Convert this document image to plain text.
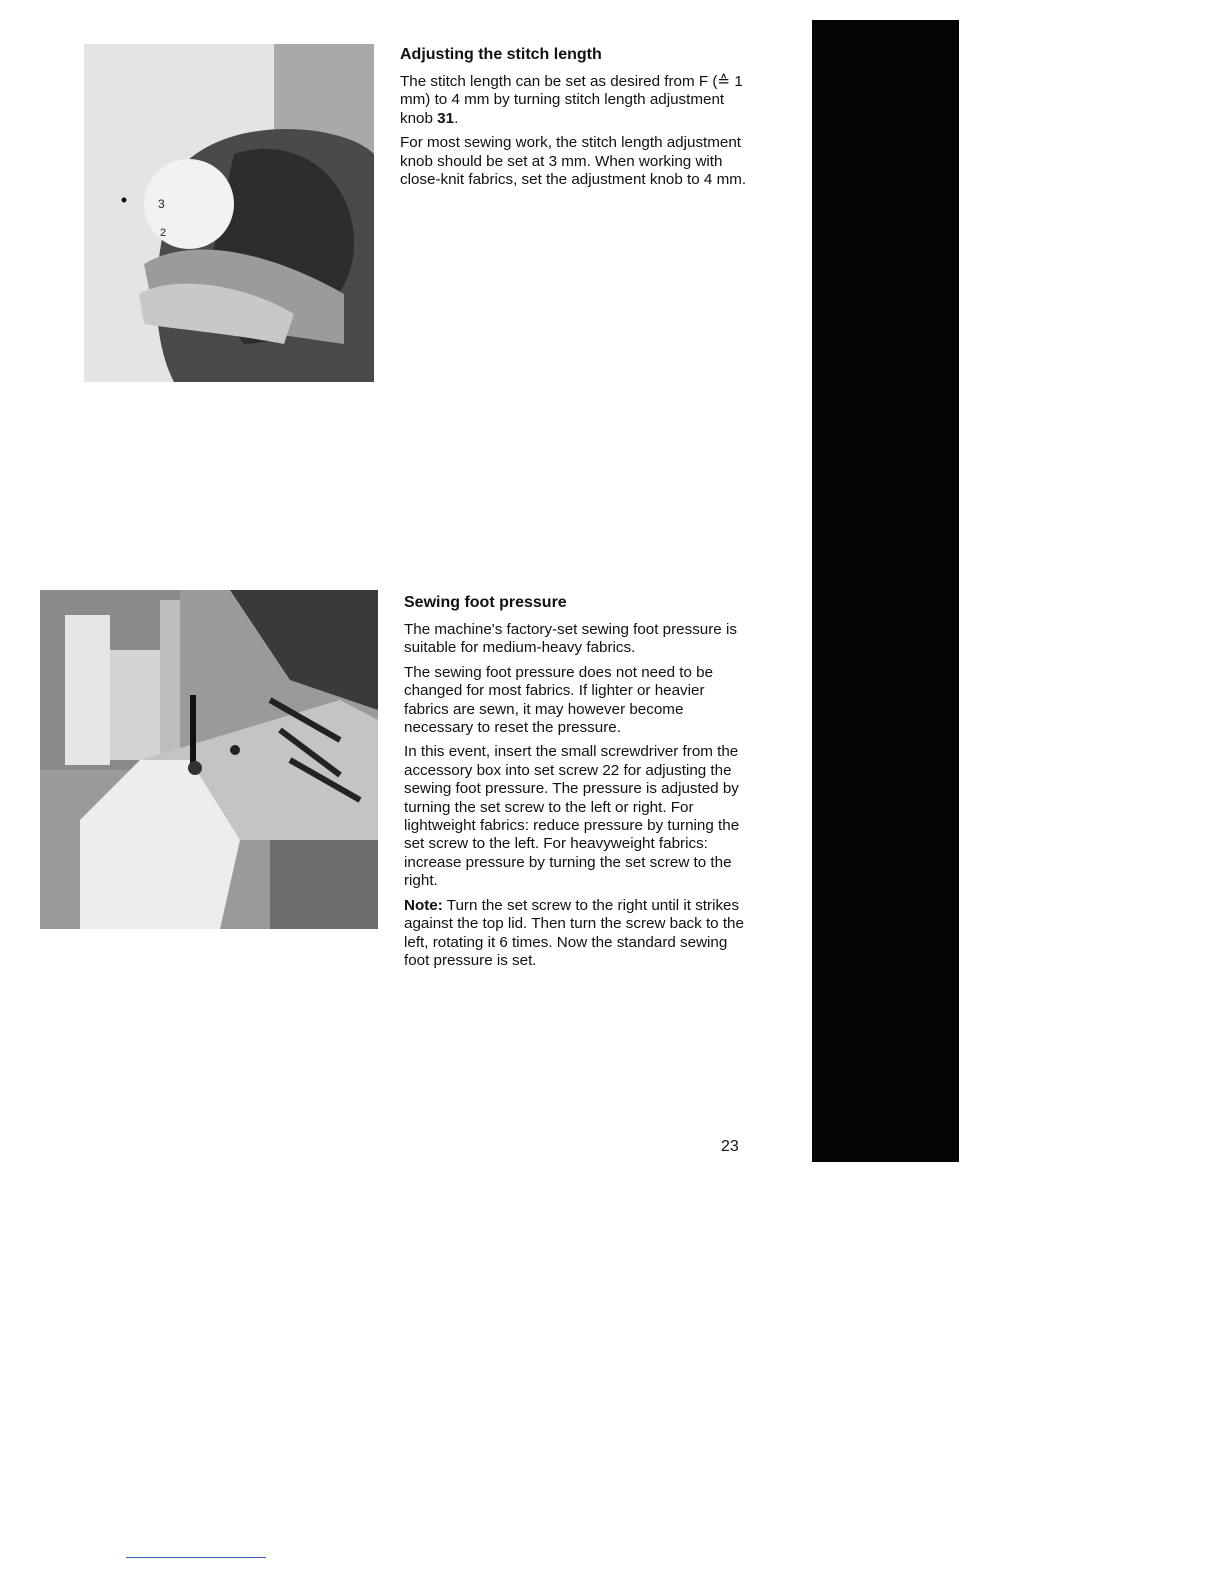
3
2
Adjusting the stitch length

The stitch length can be set as desired from F (≙ 1 mm) to 4 mm by turning stitch length adjustment knob 31.

For most sewing work, the stitch length adjustment knob should be set at 3 mm. When working with close-knit fabrics, set the adjustment knob to 4 mm.

Sewing foot pressure

The machine's factory-set sewing foot pressure is suitable for medium-heavy fabrics.

The sewing foot pressure does not need to be changed for most fabrics. If lighter or heavier fabrics are sewn, it may however become necessary to reset the pressure.

In this event, insert the small screwdriver from the accessory box into set screw 22 for adjusting the sewing foot pressure. The pressure is adjusted by turning the set screw to the left or right. For lightweight fabrics: reduce pressure by turning the set screw to the left. For heavyweight fabrics: increase pressure by turning the set screw to the right.

Note: Turn the set screw to the right until it strikes against the top lid. Then turn the screw back to the left, rotating it 6 times. Now the standard sewing foot pressure is set.

23
